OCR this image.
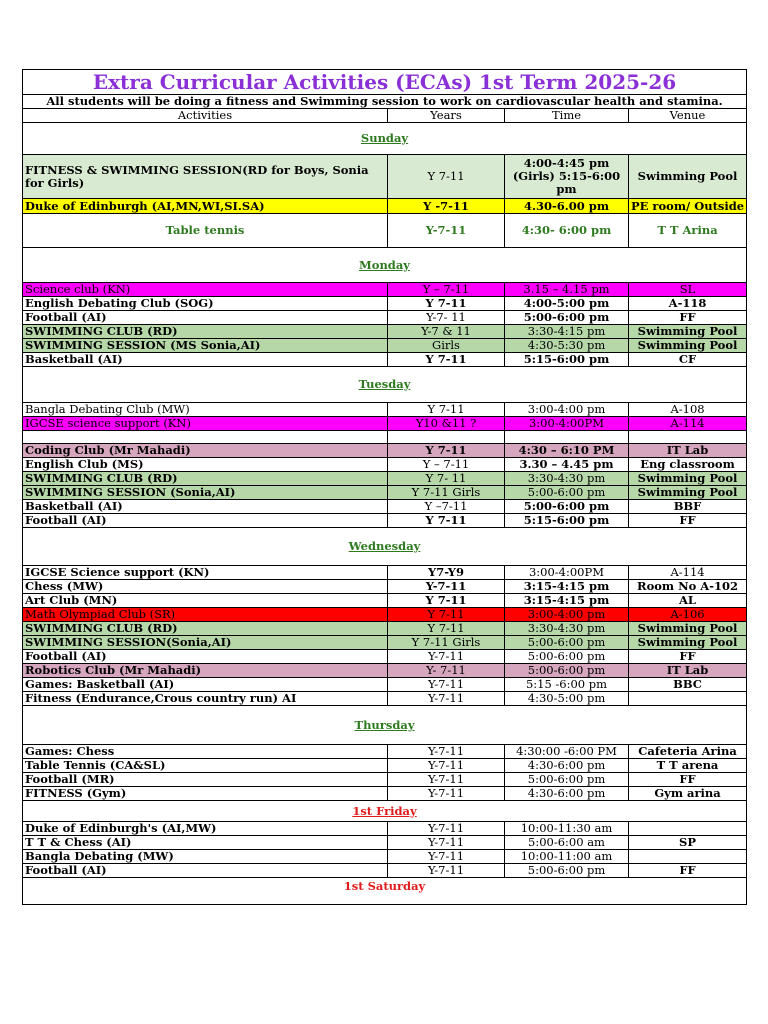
Extra Curricular Activities (ECAs) 1st Term 2025-26			
All students will be doing a fitness and Swimming session to work on cardiovascular health and stamina.			
Activities	Years	Time	Venue
Sunday			
FITNESS & SWIMMING SESSION(RD for Boys, Sonia for Girls)	Y 7-11	4:00-4:45 pm (Girls) 5:15-6:00 pm	Swimming Pool
Duke of Edinburgh (AI,MN,WI,SI.SA)	Y -7-11	4.30-6.00 pm	PE room/ Outside
Table tennis	Y-7-11	4:30- 6:00 pm	T T Arina
Monday			
Science club (KN)	Y – 7-11	3.15 – 4.15 pm	SL
English Debating Club (SOG)	Y 7-11	4:00-5:00 pm	A-118
Football (AI)	Y-7- 11	5:00-6:00 pm	FF
SWIMMING CLUB (RD)	Y-7 & 11	3:30-4:15 pm	Swimming Pool
SWIMMING SESSION (MS Sonia,AI)	Girls	4:30-5:30 pm	Swimming Pool
Basketball (AI)	Y 7-11	5:15-6:00 pm	CF
Tuesday			
Bangla Debating Club (MW)	Y 7-11	3:00-4:00 pm	A-108
IGCSE science support (KN)	Y10 &11 ?	3:00-4:00PM	A-114

Coding Club (Mr Mahadi)	Y 7-11	4:30 – 6:10 PM	IT Lab
English Club (MS)	Y – 7-11	3.30 – 4.45 pm	Eng classroom
SWIMMING CLUB (RD)	Y 7- 11	3:30-4:30 pm	Swimming Pool
SWIMMING SESSION (Sonia,AI)	Y 7-11 Girls	5:00-6:00 pm	Swimming Pool
Basketball (AI)	Y –7-11	5:00-6:00 pm	BBF
Football (AI)	Y 7-11	5:15-6:00 pm	FF
Wednesday			
IGCSE Science support (KN)	Y7-Y9	3:00-4:00PM	A-114
Chess (MW)	Y-7-11	3:15-4:15 pm	Room No A-102
Art Club (MN)	Y 7-11	3:15-4:15 pm	AL
Math Olympiad Club (SR)	Y 7-11	3:00-4:00 pm	A-106
SWIMMING CLUB (RD)	Y 7-11	3:30-4:30 pm	Swimming Pool
SWIMMING SESSION(Sonia,AI)	Y 7-11 Girls	5:00-6:00 pm	Swimming Pool
Football (AI)	Y-7-11	5:00-6:00 pm	FF
Robotics Club (Mr Mahadi)	Y- 7-11	5:00-6:00 pm	IT Lab
Games: Basketball (AI)	Y-7-11	5:15 -6:00 pm	BBC
Fitness (Endurance,Crous country run) AI	Y-7-11	4:30-5:00 pm	
Thursday			
Games: Chess	Y-7-11	4:30:00 -6:00 PM	Cafeteria Arina
Table Tennis (CA&SL)	Y-7-11	4:30-6:00 pm	T T arena
Football (MR)	Y-7-11	5:00-6:00 pm	FF
FITNESS (Gym)	Y-7-11	4:30-6:00 pm	Gym arina
1st Friday			
Duke of Edinburgh's (AI,MW)	Y-7-11	10:00-11:30 am	
T T & Chess (AI)	Y-7-11	5:00-6:00 am	SP
Bangla Debating (MW)	Y-7-11	10:00-11:00 am	
Football (AI)	Y-7-11	5:00-6:00 pm	FF
1st Saturday			
